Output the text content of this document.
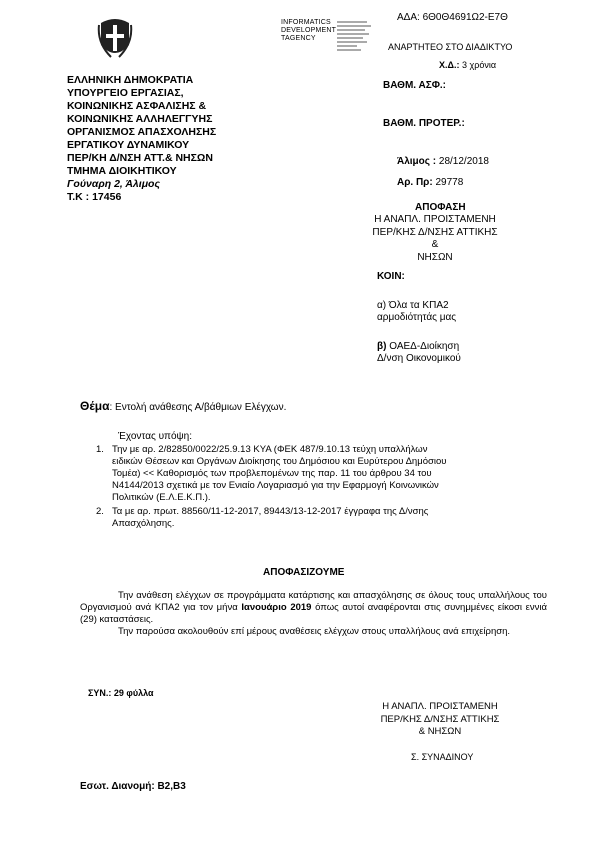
ΑΔΑ: 6Θ0Θ4691Ω2-Ε7Θ
INFORMATICS
DEVELOPMENT
TAGENCY
ΑΝΑΡΤΗΤΕΟ ΣΤΟ ΔΙΑΔΙΚΤΥΟ
Χ.Δ.: 3 χρόνια
ΕΛΛΗΝΙΚΗ ΔΗΜΟΚΡΑΤΙΑ
ΥΠΟΥΡΓΕΙΟ ΕΡΓΑΣΙΑΣ,
ΚΟΙΝΩΝΙΚΗΣ ΑΣΦΑΛΙΣΗΣ &
ΚΟΙΝΩΝΙΚΗΣ ΑΛΛΗΛΕΓΓΥΗΣ
ΟΡΓΑΝΙΣΜΟΣ ΑΠΑΣΧΟΛΗΣΗΣ
ΕΡΓΑΤΙΚΟΥ ΔΥΝΑΜΙΚΟΥ
ΠΕΡ/ΚΗ Δ/ΝΣΗ ΑΤΤ.& ΝΗΣΩΝ
ΤΜΗΜΑ ΔΙΟΙΚΗΤΙΚΟΥ
Γούναρη 2, Άλιμος
Τ.Κ : 17456
ΒΑΘΜ. ΑΣΦ.:
ΒΑΘΜ. ΠΡΟΤΕΡ.:
Άλιμος : 28/12/2018
Αρ. Πρ: 29778
ΑΠΟΦΑΣΗ
Η ΑΝΑΠΛ. ΠΡΟΙΣΤΑΜΕΝΗ
ΠΕΡ/ΚΗΣ Δ/ΝΣΗΣ ΑΤΤΙΚΗΣ &
ΝΗΣΩΝ
ΚΟΙΝ:
α) Όλα τα ΚΠΑ2
αρμοδιότητάς μας
β) ΟΑΕΔ-Διοίκηση
Δ/νση Οικονομικού
Θέμα: Εντολή ανάθεσης Α/βάθμιων Ελέγχων.
Έχοντας υπόψη:
1. Την με αρ. 2/82850/0022/25.9.13 ΚΥΑ (ΦΕΚ 487/9.10.13 τεύχη υπαλλήλων
ειδικών Θέσεων και Οργάνων Διοίκησης του Δημόσιου και Ευρύτερου Δημόσιου
Τομέα) << Καθορισμός των προβλεπομένων της παρ. 11 του άρθρου 34 του
Ν4144/2013 σχετικά με τον Ενιαίο Λογαριασμό για την Εφαρμογή Κοινωνικών
Πολιτικών (Ε.Λ.Ε.Κ.Π.).
2. Τα με αρ. πρωτ. 88560/11-12-2017, 89443/13-12-2017 έγγραφα της Δ/νσης
Απασχόλησης.
ΑΠΟΦΑΣΙΖΟΥΜΕ

Την ανάθεση ελέγχων σε προγράμματα κατάρτισης και απασχόλησης σε όλους τους υπαλλήλους του Οργανισμού ανά ΚΠΑ2 για τον μήνα Ιανουάριο 2019 όπως αυτοί αναφέρονται στις συνημμένες είκοσι εννιά (29) καταστάσεις.

Την παρούσα ακολουθούν επί μέρους αναθέσεις ελέγχων στους υπαλλήλους ανά επιχείρηση.

ΣΥΝ.: 29 φύλλα
Η ΑΝΑΠΛ. ΠΡΟΙΣΤΑΜΕΝΗ
ΠΕΡ/ΚΗΣ Δ/ΝΣΗΣ ΑΤΤΙΚΗΣ
& ΝΗΣΩΝ
Σ. ΣΥΝΑΔΙΝΟΥ
Εσωτ. Διανομή: Β2,Β3
